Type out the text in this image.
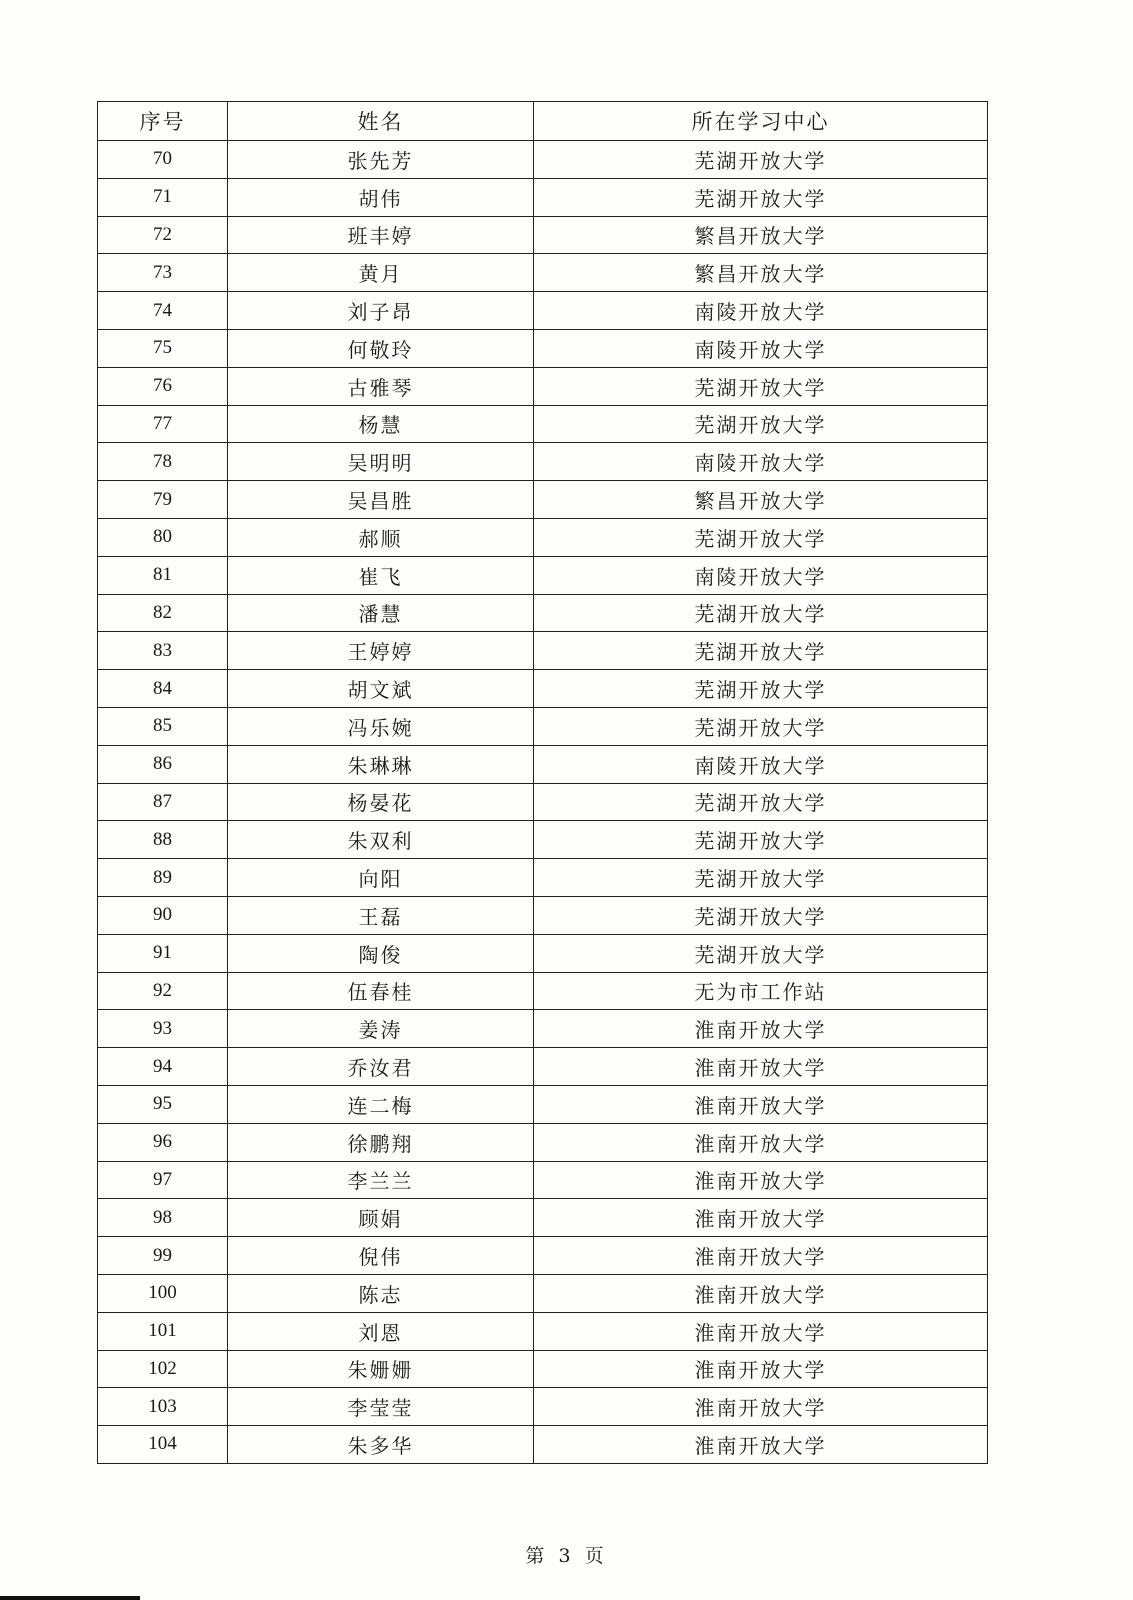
序号	姓名	所在学习中心
70	张先芳	芜湖开放大学
71	胡伟	芜湖开放大学
72	班丰婷	繁昌开放大学
73	黄月	繁昌开放大学
74	刘子昂	南陵开放大学
75	何敬玲	南陵开放大学
76	古雅琴	芜湖开放大学
77	杨慧	芜湖开放大学
78	吴明明	南陵开放大学
79	吴昌胜	繁昌开放大学
80	郝顺	芜湖开放大学
81	崔飞	南陵开放大学
82	潘慧	芜湖开放大学
83	王婷婷	芜湖开放大学
84	胡文斌	芜湖开放大学
85	冯乐婉	芜湖开放大学
86	朱琳琳	南陵开放大学
87	杨晏花	芜湖开放大学
88	朱双利	芜湖开放大学
89	向阳	芜湖开放大学
90	王磊	芜湖开放大学
91	陶俊	芜湖开放大学
92	伍春桂	无为市工作站
93	姜涛	淮南开放大学
94	乔汝君	淮南开放大学
95	连二梅	淮南开放大学
96	徐鹏翔	淮南开放大学
97	李兰兰	淮南开放大学
98	顾娟	淮南开放大学
99	倪伟	淮南开放大学
100	陈志	淮南开放大学
101	刘恩	淮南开放大学
102	朱姗姗	淮南开放大学
103	李莹莹	淮南开放大学
104	朱多华	淮南开放大学
第 3 页
